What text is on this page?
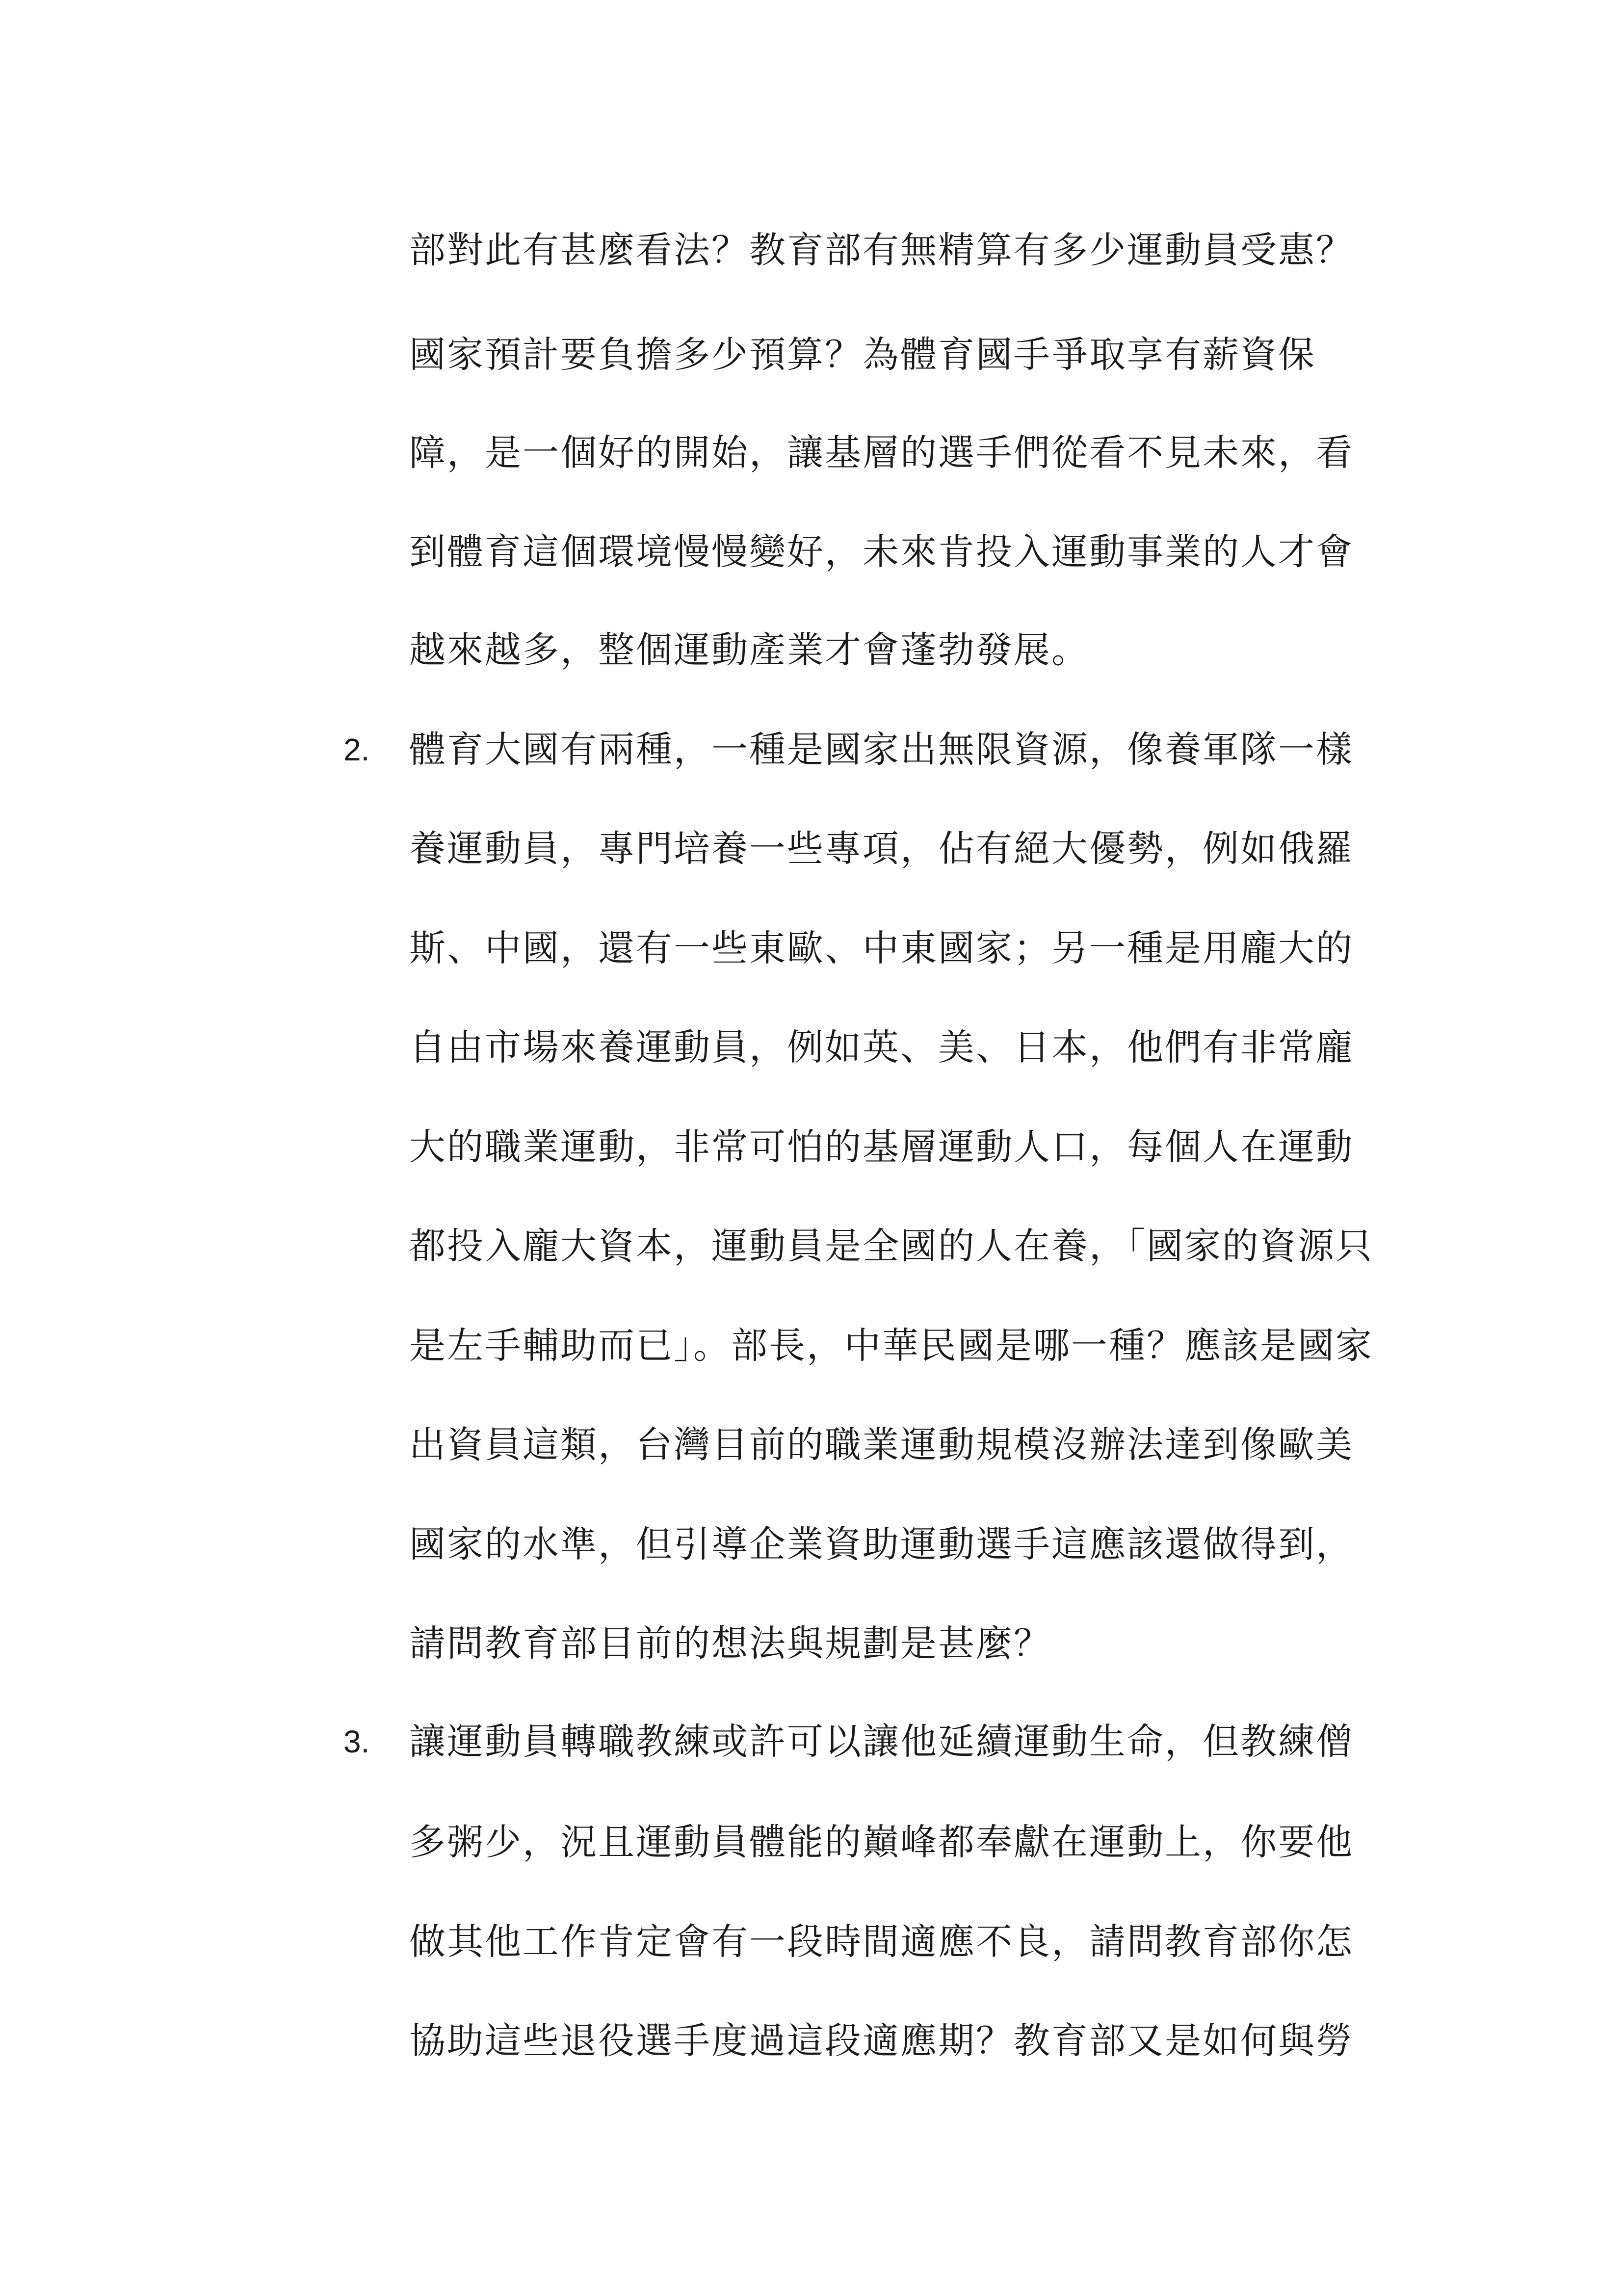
部對此有甚麼看法？教育部有無精算有多少運動員受惠？
國家預計要負擔多少預算？為體育國手爭取享有薪資保
障，是一個好的開始，讓基層的選手們從看不見未來，看
到體育這個環境慢慢變好，未來肯投入運動事業的人才會
越來越多，整個運動產業才會蓬勃發展。
2. 體育大國有兩種，一種是國家出無限資源，像養軍隊一樣
養運動員，專門培養一些專項，佔有絕大優勢，例如俄羅
斯、中國，還有一些東歐、中東國家；另一種是用龐大的
自由市場來養運動員，例如英、美、日本，他們有非常龐
大的職業運動，非常可怕的基層運動人口，每個人在運動
都投入龐大資本，運動員是全國的人在養，「國家的資源只
是左手輔助而已」。部長，中華民國是哪一種？應該是國家
出資員這類，台灣目前的職業運動規模沒辦法達到像歐美
國家的水準，但引導企業資助運動選手這應該還做得到，
請問教育部目前的想法與規劃是甚麼？
3. 讓運動員轉職教練或許可以讓他延續運動生命，但教練僧
多粥少，況且運動員體能的巔峰都奉獻在運動上，你要他
做其他工作肯定會有一段時間適應不良，請問教育部你怎
協助這些退役選手度過這段適應期？教育部又是如何與勞
